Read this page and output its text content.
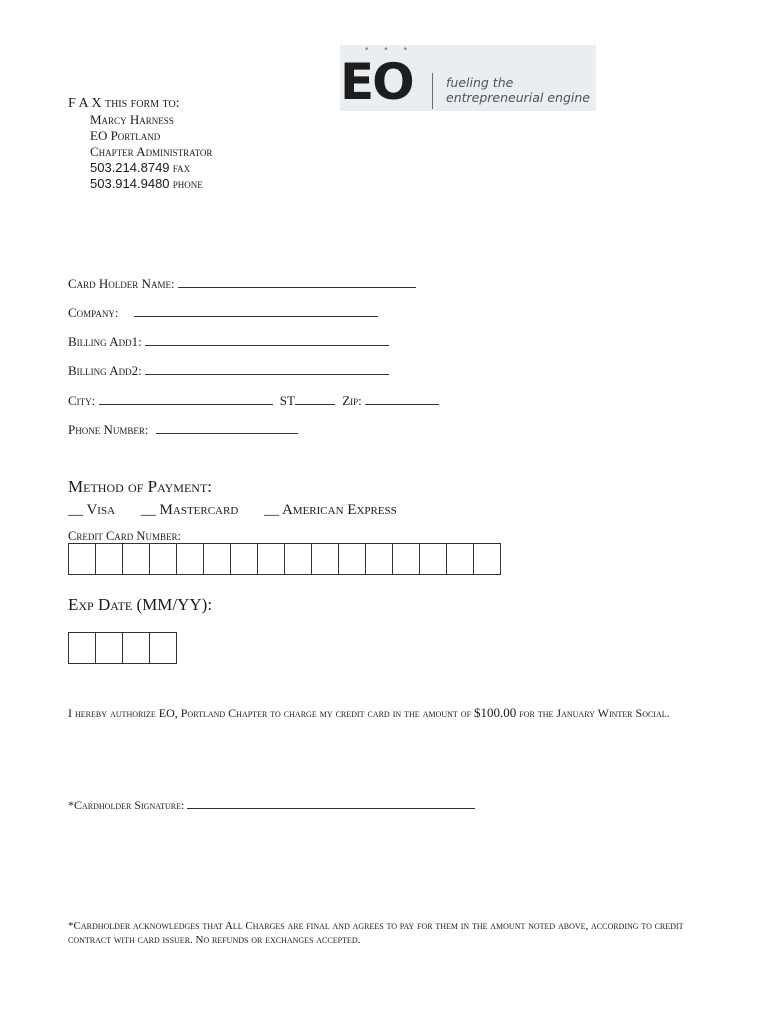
•••
EO	fueling the
entrepreneurial engine
F A X this form to:
Marcy Harness
EO Portland
Chapter Administrator
503.214.8749 fax
503.914.9480 phone
Card Holder Name:
Company:
Billing Add1:
Billing Add2:
City:	ST	Zip:
Phone Number:
Method of Payment:
__ Visa __ Mastercard __ American Express
Credit Card Number:
Exp Date (MM/YY):
I hereby authorize EO, Portland Chapter to charge my credit card in the amount of $100.00 for the January Winter Social.
*Cardholder Signature:
*Cardholder acknowledges that All Charges are final and agrees to pay for them in the amount noted above, according to credit contract with card issuer. No refunds or exchanges accepted.
